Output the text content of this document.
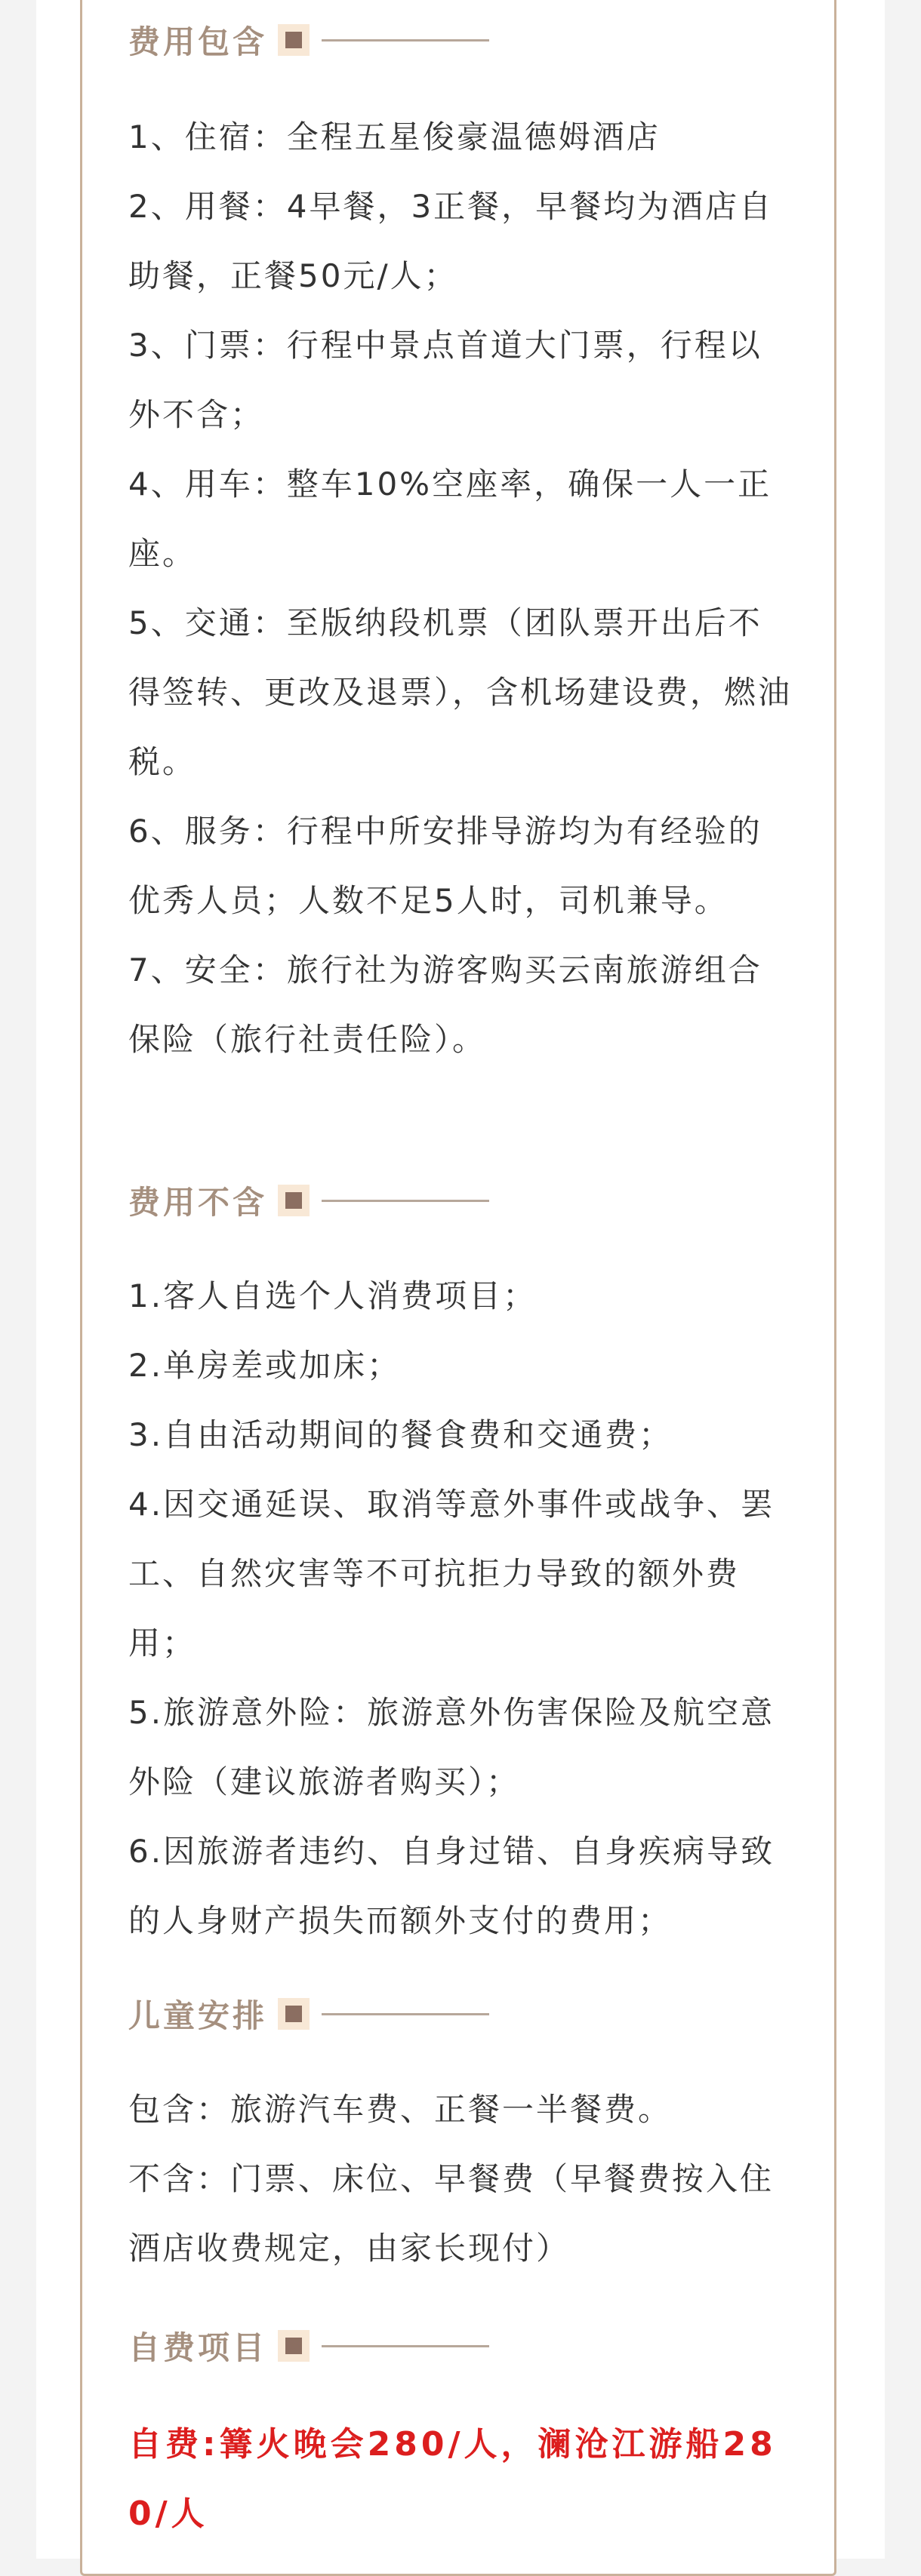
费用包含
1、住宿：全程五星俊豪温德姆酒店
2、用餐：4早餐，3正餐，早餐均为酒店自助餐，正餐50元/人；
3、门票：行程中景点首道大门票，行程以外不含；
4、用车：整车10%空座率，确保一人一正座。
5、交通：至版纳段机票（团队票开出后不得签转、更改及退票），含机场建设费，燃油税。
6、服务：行程中所安排导游均为有经验的优秀人员；人数不足5人时，司机兼导。
7、安全：旅行社为游客购买云南旅游组合保险（旅行社责任险）。
费用不含
1.客人自选个人消费项目；
2.单房差或加床；
3.自由活动期间的餐食费和交通费；
4.因交通延误、取消等意外事件或战争、罢工、自然灾害等不可抗拒力导致的额外费用；
5.旅游意外险：旅游意外伤害保险及航空意外险（建议旅游者购买）；
6.因旅游者违约、自身过错、自身疾病导致的人身财产损失而额外支付的费用；
儿童安排
包含：旅游汽车费、正餐一半餐费。
不含：门票、床位、早餐费（早餐费按入住酒店收费规定，由家长现付）
自费项目
自费:篝火晚会280/人，澜沧江游船280/人
